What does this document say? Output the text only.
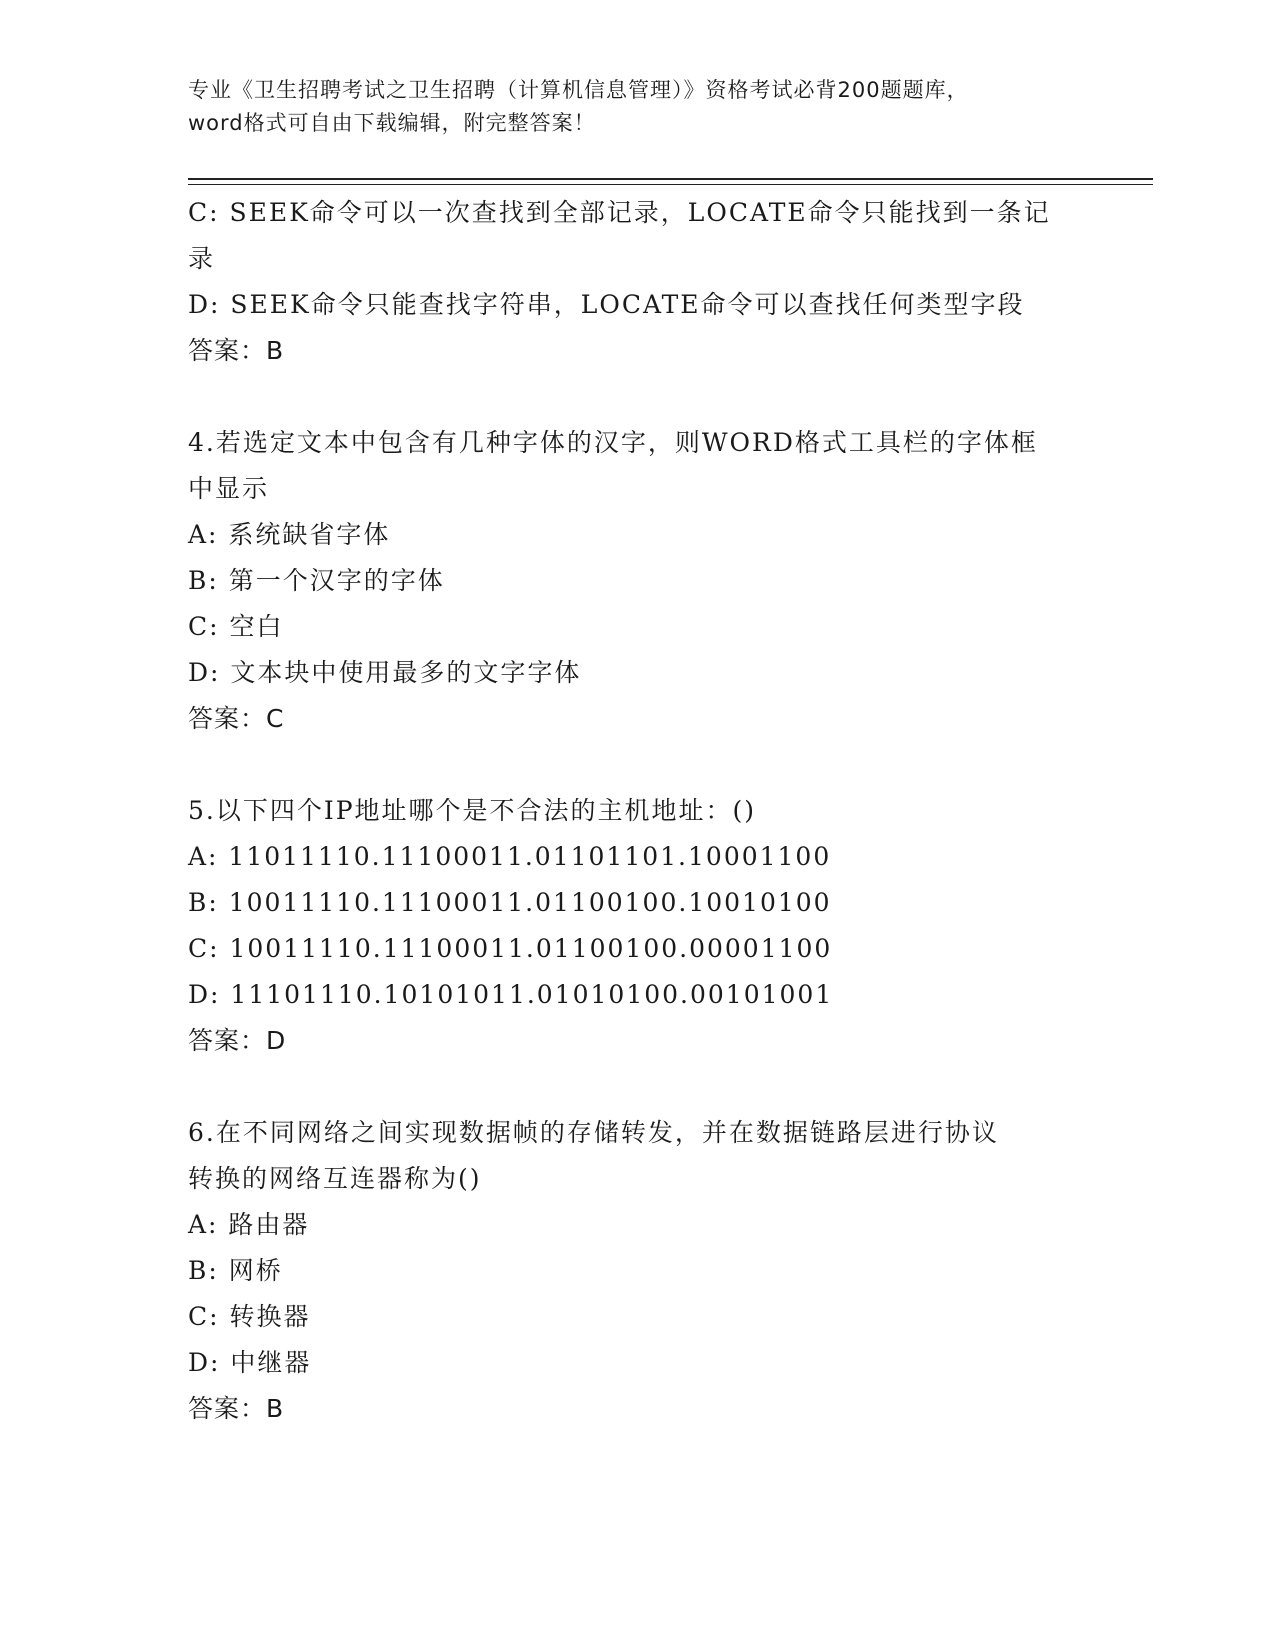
专业《卫生招聘考试之卫生招聘（计算机信息管理）》资格考试必背200题题库，
word格式可自由下载编辑，附完整答案！
C: SEEK命令可以一次查找到全部记录，LOCATE命令只能找到一条记
录
D: SEEK命令只能查找字符串，LOCATE命令可以查找任何类型字段
答案：B
4.若选定文本中包含有几种字体的汉字，则WORD格式工具栏的字体框
中显示
A: 系统缺省字体
B: 第一个汉字的字体
C: 空白
D: 文本块中使用最多的文字字体
答案：C
5.以下四个IP地址哪个是不合法的主机地址：()
A: 11011110.11100011.01101101.10001100
B: 10011110.11100011.01100100.10010100
C: 10011110.11100011.01100100.00001100
D: 11101110.10101011.01010100.00101001
答案：D
6.在不同网络之间实现数据帧的存储转发，并在数据链路层进行协议
转换的网络互连器称为()
A: 路由器
B: 网桥
C: 转换器
D: 中继器
答案：B
